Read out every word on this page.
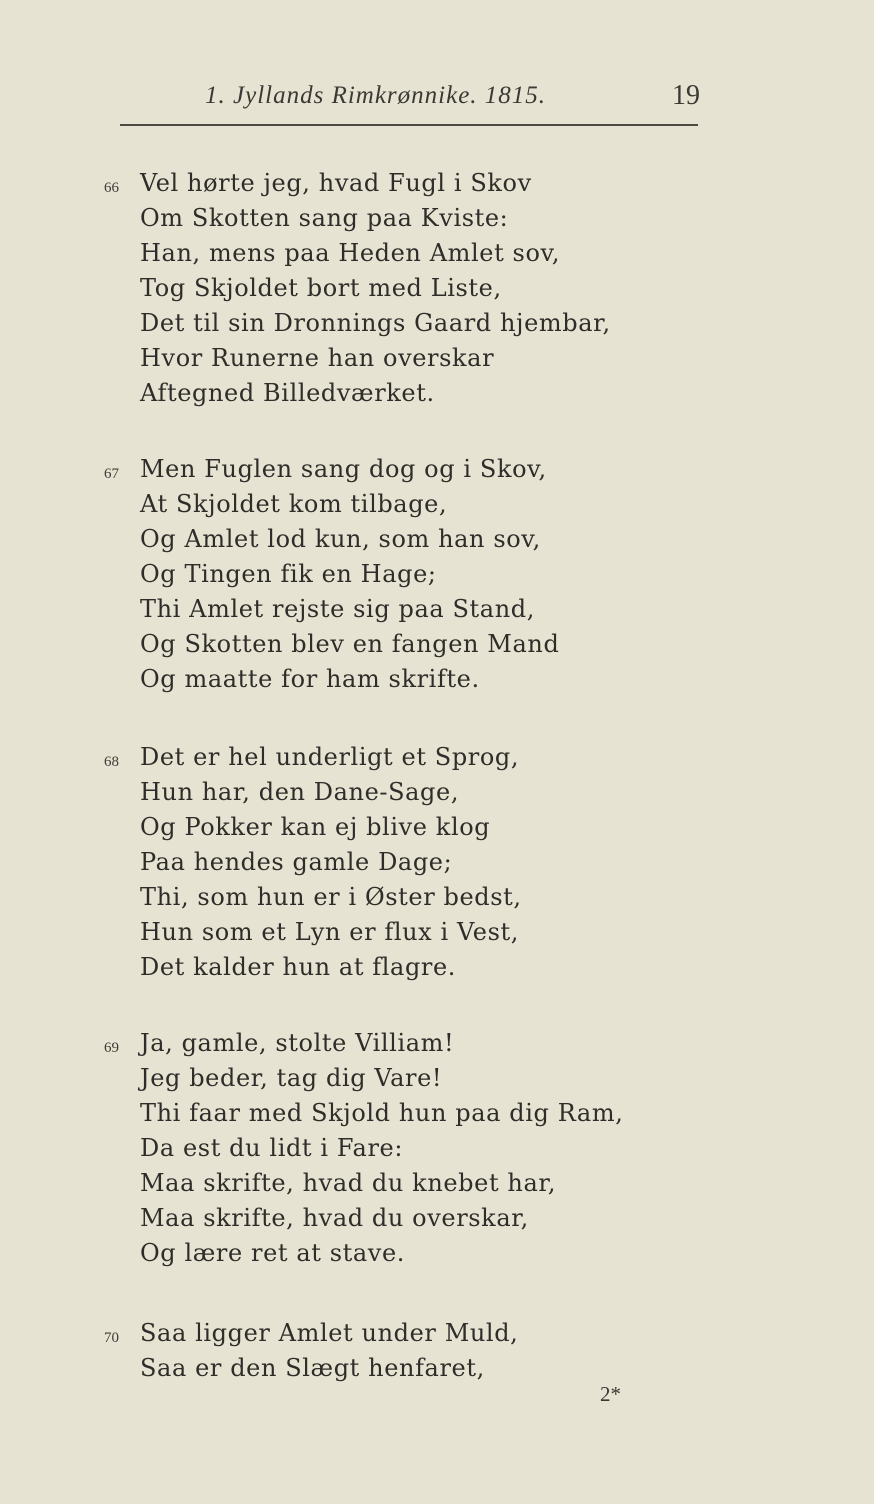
1. Jyllands Rimkrønnike. 1815.	19
66 Vel hørte jeg, hvad Fugl i Skov
Om Skotten sang paa Kviste:
Han, mens paa Heden Amlet sov,
Tog Skjoldet bort med Liste,
Det til sin Dronnings Gaard hjembar,
Hvor Runerne han overskar
Aftegned Billedværket.
67 Men Fuglen sang dog og i Skov,
At Skjoldet kom tilbage,
Og Amlet lod kun, som han sov,
Og Tingen fik en Hage;
Thi Amlet rejste sig paa Stand,
Og Skotten blev en fangen Mand
Og maatte for ham skrifte.
68 Det er hel underligt et Sprog,
Hun har, den Dane-Sage,
Og Pokker kan ej blive klog
Paa hendes gamle Dage;
Thi, som hun er i Øster bedst,
Hun som et Lyn er flux i Vest,
Det kalder hun at flagre.
69 Ja, gamle, stolte Villiam!
Jeg beder, tag dig Vare!
Thi faar med Skjold hun paa dig Ram,
Da est du lidt i Fare:
Maa skrifte, hvad du knebet har,
Maa skrifte, hvad du overskar,
Og lære ret at stave.
70 Saa ligger Amlet under Muld,
Saa er den Slægt henfaret,
2*
